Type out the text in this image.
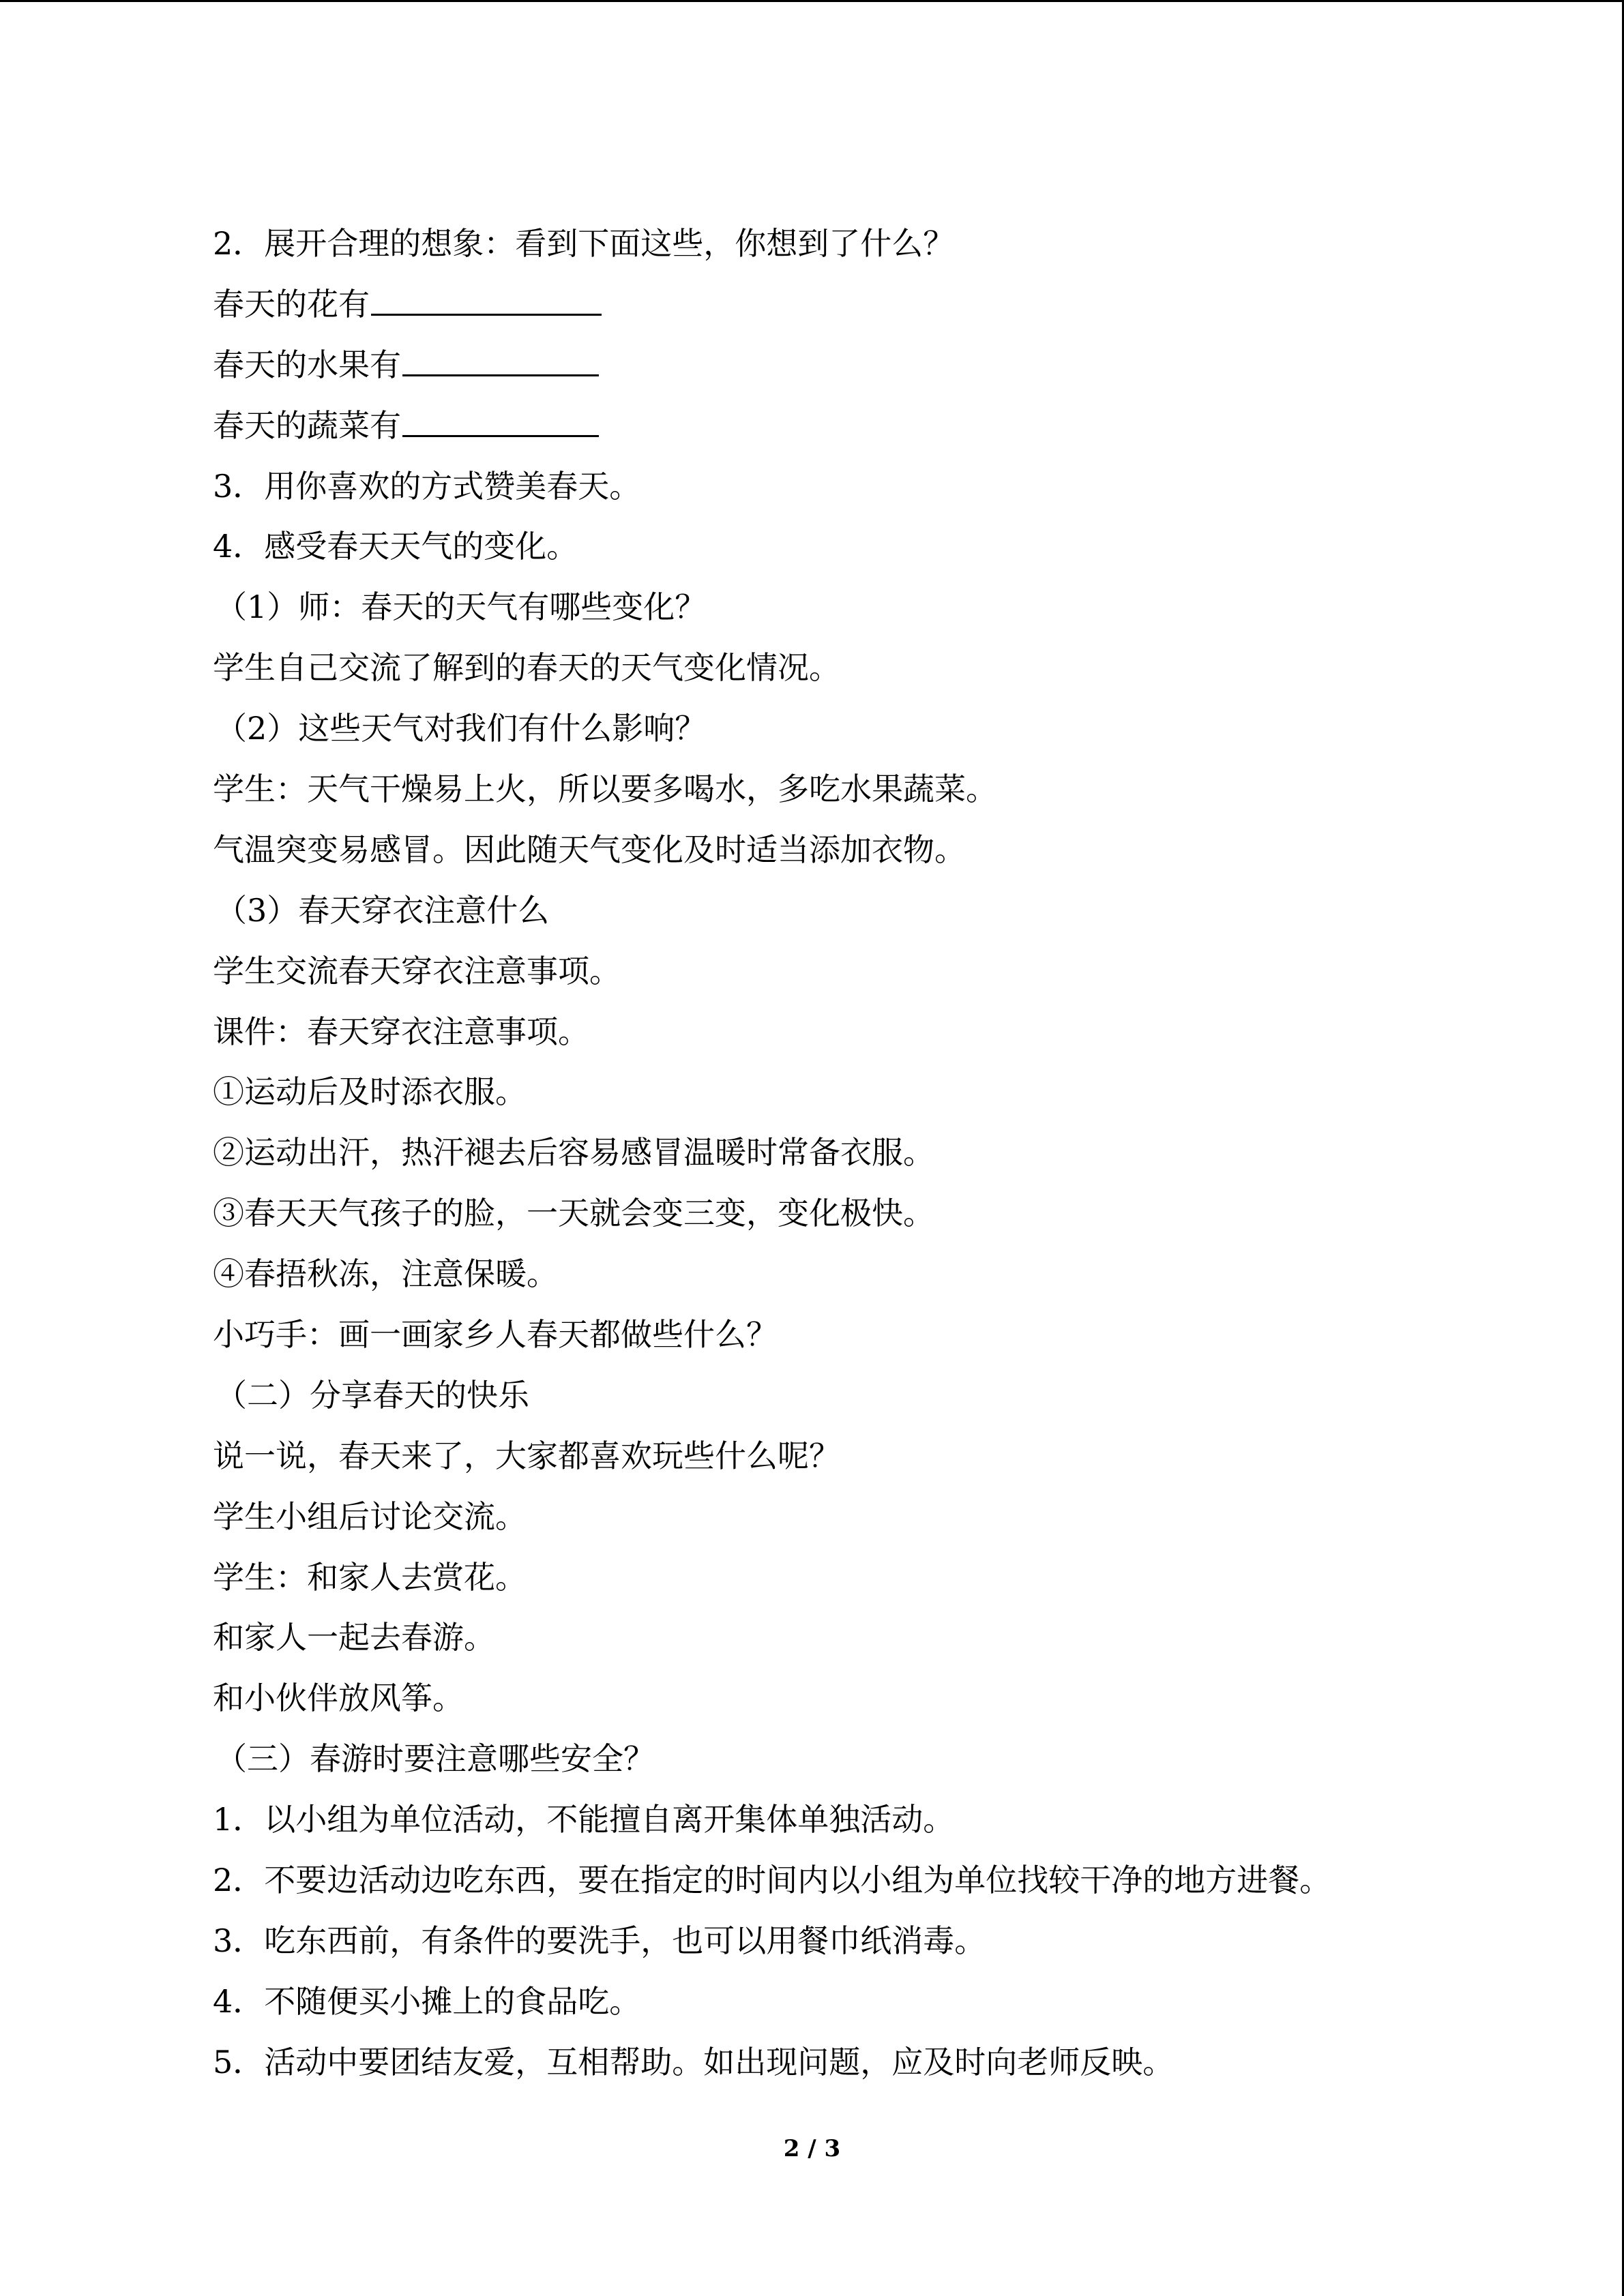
2．展开合理的想象：看到下面这些，你想到了什么？
春天的花有
春天的水果有
春天的蔬菜有
3．用你喜欢的方式赞美春天。
4．感受春天天气的变化。
（1）师：春天的天气有哪些变化？
学生自己交流了解到的春天的天气变化情况。
（2）这些天气对我们有什么影响？
学生：天气干燥易上火，所以要多喝水，多吃水果蔬菜。
气温突变易感冒。因此随天气变化及时适当添加衣物。
（3）春天穿衣注意什么
学生交流春天穿衣注意事项。
课件：春天穿衣注意事项。
①运动后及时添衣服。
②运动出汗，热汗褪去后容易感冒温暖时常备衣服。
③春天天气孩子的脸，一天就会变三变，变化极快。
④春捂秋冻，注意保暖。
小巧手：画一画家乡人春天都做些什么？
（二）分享春天的快乐
说一说，春天来了，大家都喜欢玩些什么呢？
学生小组后讨论交流。
学生：和家人去赏花。
和家人一起去春游。
和小伙伴放风筝。
（三）春游时要注意哪些安全？
1．以小组为单位活动，不能擅自离开集体单独活动。
2．不要边活动边吃东西，要在指定的时间内以小组为单位找较干净的地方进餐。
3．吃东西前，有条件的要洗手，也可以用餐巾纸消毒。
4．不随便买小摊上的食品吃。
5．活动中要团结友爱，互相帮助。如出现问题，应及时向老师反映。
2 / 3
